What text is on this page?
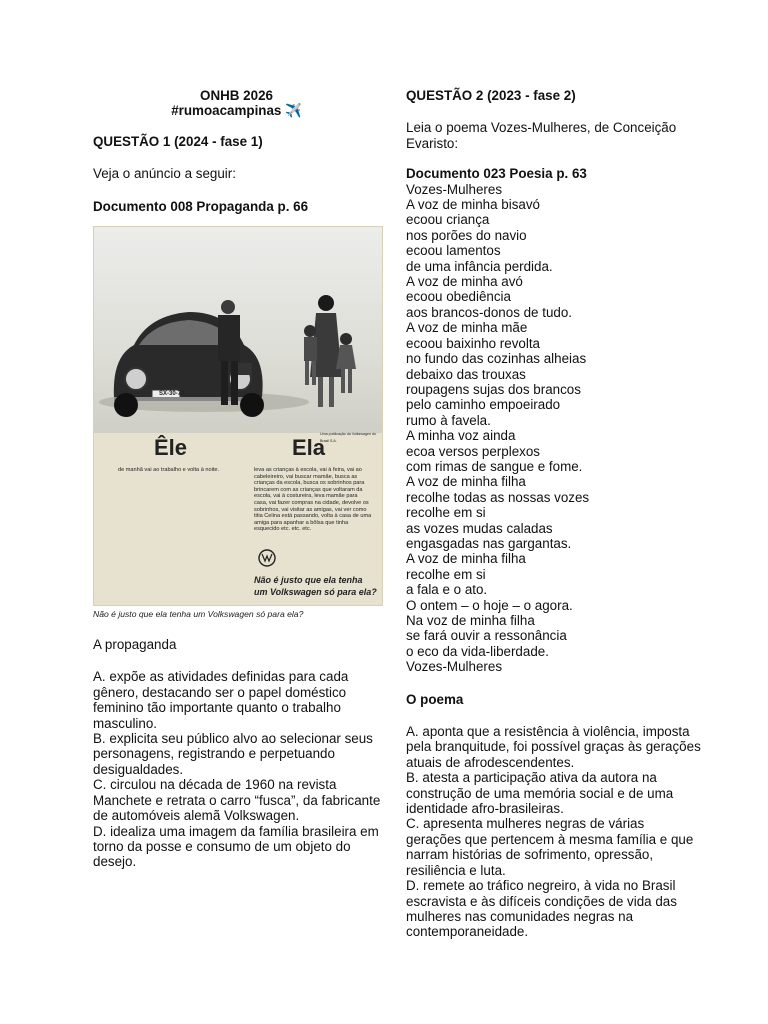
ONHB 2026
#rumoacampinas ✈️
QUESTÃO 1 (2024 - fase 1)
Veja o anúncio a seguir:
Documento 008 Propaganda p. 66
SX-30-72
Êle	Ela
Uma publicação da Volkswagen do Brasil S.A.
de manhã vai ao trabalho e volta à noite.	leva as crianças à escola, vai à feira, vai ao cabeleireiro, vai buscar mamãe, busca as crianças da escola, busca os sobrinhos para brincarem com as crianças que voltaram da escola, vai à costureira, leva mamãe para casa, vai fazer compras na cidade, devolve os sobrinhos, vai visitar as amigas, vai ver como titia Celina está passando, volta à casa de uma amiga para apanhar a bôlsa que tinha esquecido etc. etc. etc.
Não é justo que ela tenha
um Volkswagen só para ela?
Não é justo que ela tenha um Volkswagen só para ela?
A propaganda
A. expõe as atividades definidas para cada gênero, destacando ser o papel doméstico feminino tão importante quanto o trabalho masculino.
B. explicita seu público alvo ao selecionar seus personagens, registrando e perpetuando desigualdades.
C. circulou na década de 1960 na revista Manchete e retrata o carro “fusca”, da fabricante de automóveis alemã Volkswagen.
D. idealiza uma imagem da família brasileira em torno da posse e consumo de um objeto do desejo.
QUESTÃO 2 (2023 - fase 2)
Leia o poema Vozes-Mulheres, de Conceição Evaristo:
Documento 023 Poesia p. 63
Vozes-Mulheres
A voz de minha bisavó
ecoou criança
nos porões do navio
ecoou lamentos
de uma infância perdida.
A voz de minha avó
ecoou obediência
aos brancos-donos de tudo.
A voz de minha mãe
ecoou baixinho revolta
no fundo das cozinhas alheias
debaixo das trouxas
roupagens sujas dos brancos
pelo caminho empoeirado
rumo à favela.
A minha voz ainda
ecoa versos perplexos
com rimas de sangue e fome.
A voz de minha filha
recolhe todas as nossas vozes
recolhe em si
as vozes mudas caladas
engasgadas nas gargantas.
A voz de minha filha
recolhe em si
a fala e o ato.
O ontem – o hoje – o agora.
Na voz de minha filha
se fará ouvir a ressonância
o eco da vida-liberdade.
Vozes-Mulheres
O poema
A. aponta que a resistência à violência, imposta pela branquitude, foi possível graças às gerações atuais de afrodescendentes.
B. atesta a participação ativa da autora na construção de uma memória social e de uma identidade afro-brasileiras.
C. apresenta mulheres negras de várias gerações que pertencem à mesma família e que narram histórias de sofrimento, opressão, resiliência e luta.
D. remete ao tráfico negreiro, à vida no Brasil escravista e às difíceis condições de vida das mulheres nas comunidades negras na contemporaneidade.
